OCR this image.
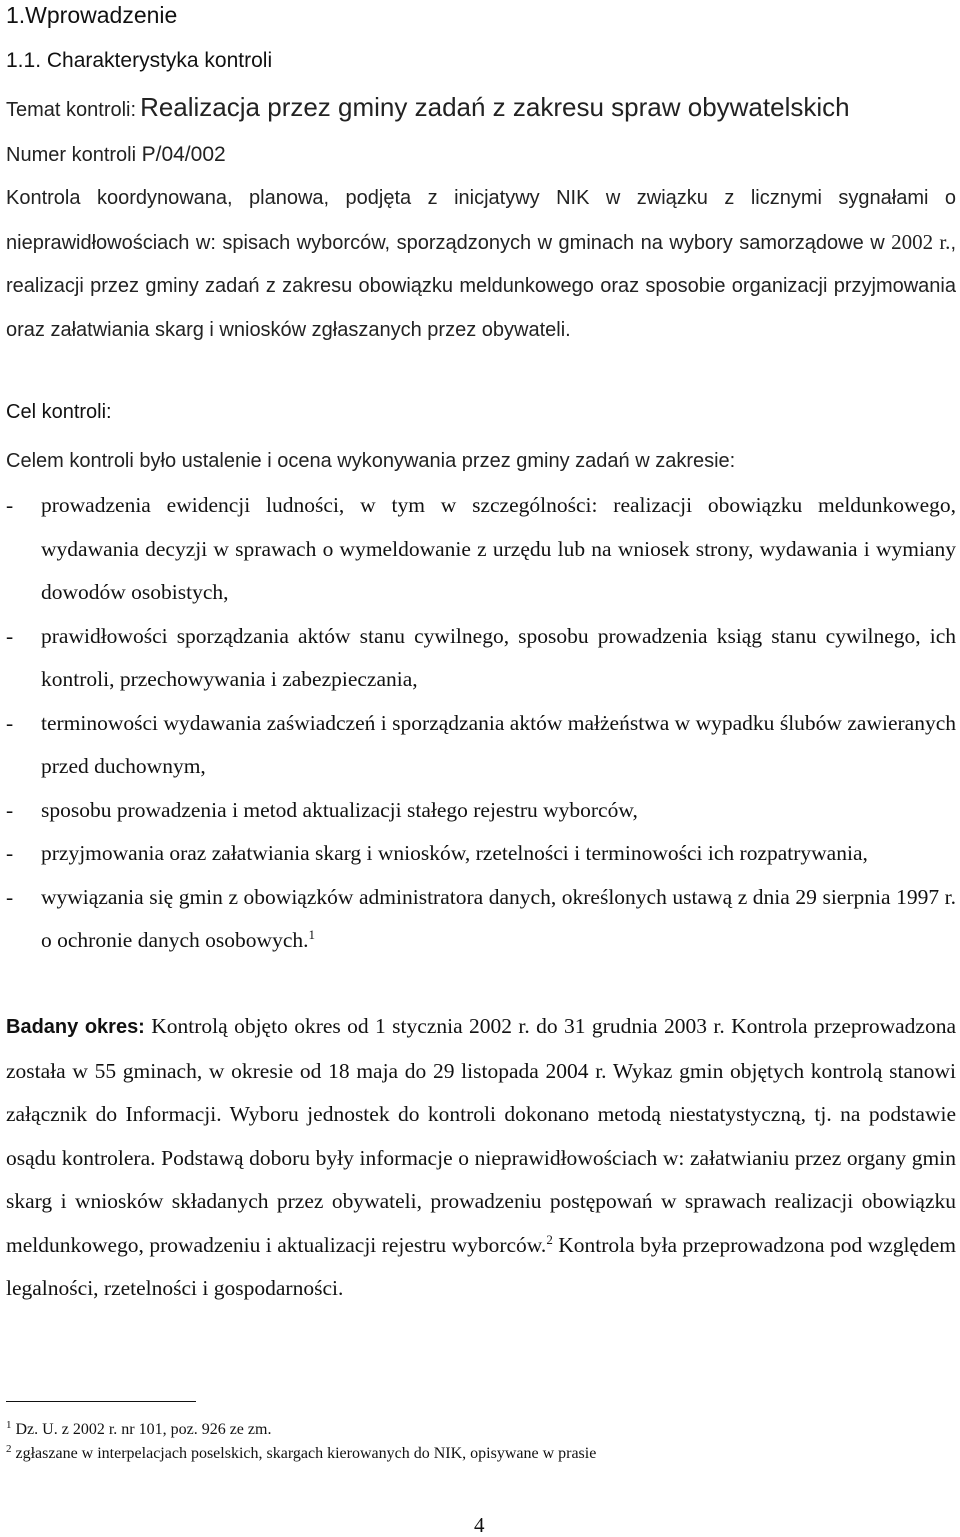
1.Wprowadzenie
1.1. Charakterystyka kontroli
Temat kontroli: Realizacja przez gminy zadań z zakresu spraw obywatelskich
Numer kontroli P/04/002
Kontrola koordynowana, planowa, podjęta z inicjatywy NIK w związku z licznymi sygnałami o nieprawidłowościach w: spisach wyborców, sporządzonych w gminach na wybory samorządowe w 2002 r., realizacji przez gminy zadań z zakresu obowiązku meldunkowego oraz sposobie organizacji przyjmowania oraz załatwiania skarg i wniosków zgłaszanych przez obywateli.
Cel kontroli:
Celem kontroli było ustalenie i ocena wykonywania przez gminy zadań w zakresie:
- prowadzenia ewidencji ludności, w tym w szczególności: realizacji obowiązku meldunkowego, wydawania decyzji w sprawach o wymeldowanie z urzędu lub na wniosek strony, wydawania i wymiany dowodów osobistych,
- prawidłowości sporządzania aktów stanu cywilnego, sposobu prowadzenia ksiąg stanu cywilnego, ich kontroli, przechowywania i zabezpieczania,
- terminowości wydawania zaświadczeń i sporządzania aktów małżeństwa w wypadku ślubów zawieranych przed duchownym,
- sposobu prowadzenia i metod aktualizacji stałego rejestru wyborców,
- przyjmowania oraz załatwiania skarg i wniosków, rzetelności i terminowości ich rozpatrywania,
- wywiązania się gmin z obowiązków administratora danych, określonych ustawą z dnia 29 sierpnia 1997 r. o ochronie danych osobowych.$^1$
Badany okres: Kontrolą objęto okres od 1 stycznia 2002 r. do 31 grudnia 2003 r. Kontrola przeprowadzona została w 55 gminach, w okresie od 18 maja do 29 listopada 2004 r. Wykaz gmin objętych kontrolą stanowi załącznik do Informacji. Wyboru jednostek do kontroli dokonano metodą niestatystyczną, tj. na podstawie osądu kontrolera. Podstawą doboru były informacje o nieprawidłowościach w: załatwianiu przez organy gmin skarg i wniosków składanych przez obywateli, prowadzeniu postępowań w sprawach realizacji obowiązku meldunkowego, prowadzeniu i aktualizacji rejestru wyborców.$^2$ Kontrola była przeprowadzona pod względem legalności, rzetelności i gospodarności.
$^1$ Dz. U. z 2002 r. nr 101, poz. 926 ze zm.
$^2$ zgłaszane w interpelacjach poselskich, skargach kierowanych do NIK, opisywane w prasie
4
